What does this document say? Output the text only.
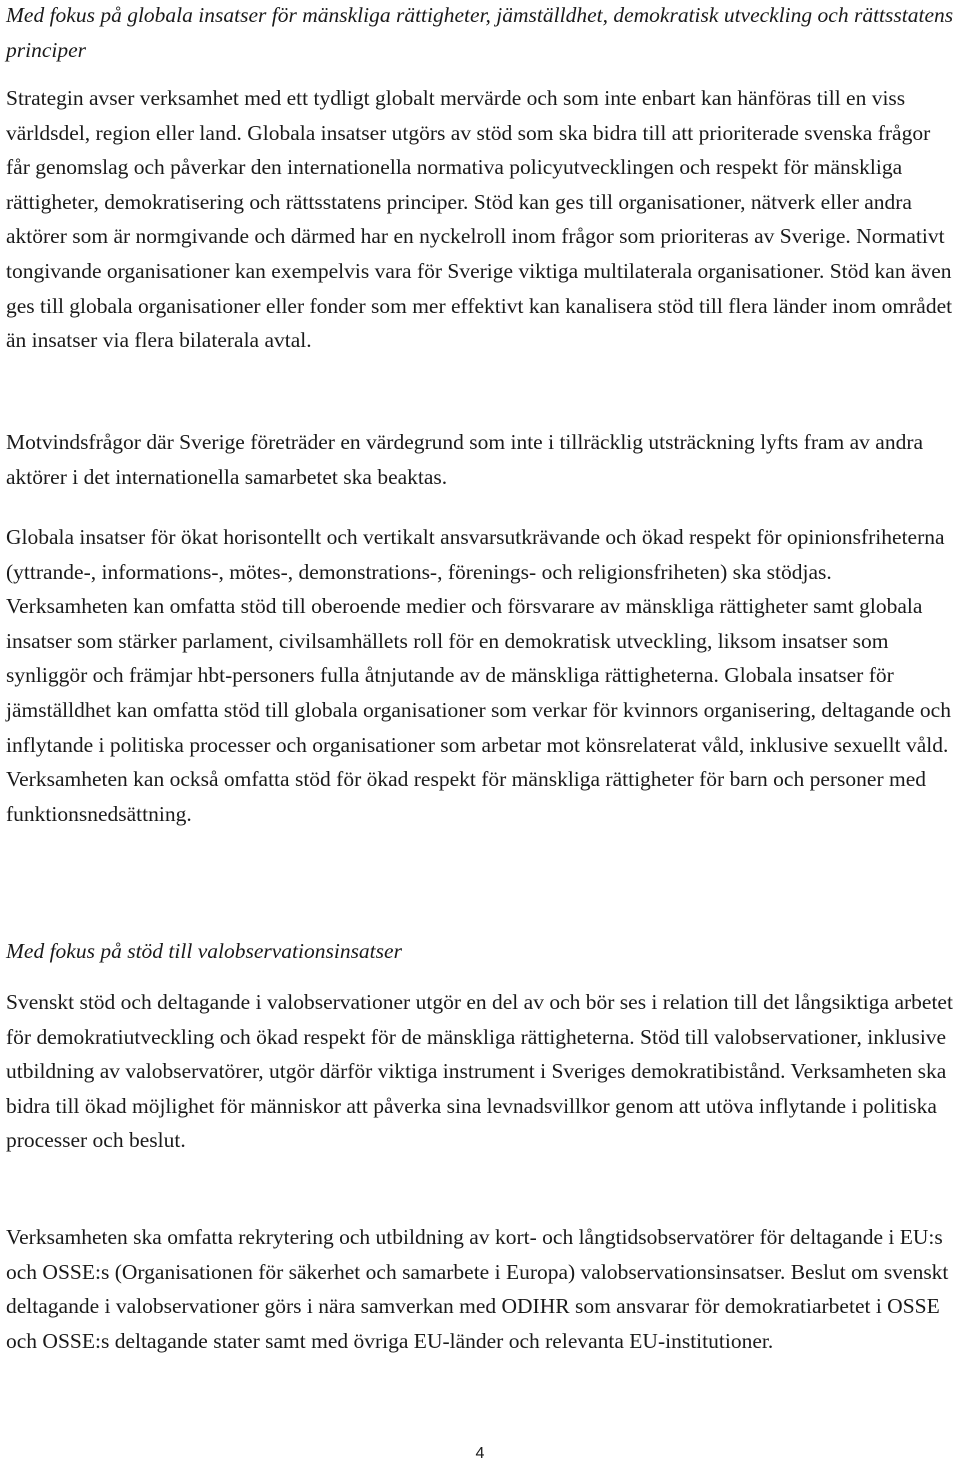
Med fokus på globala insatser för mänskliga rättigheter, jämställdhet, demokratisk utveckling och rättsstatens principer

Strategin avser verksamhet med ett tydligt globalt mervärde och som inte enbart kan hänföras till en viss världsdel, region eller land. Globala insatser utgörs av stöd som ska bidra till att prioriterade svenska frågor får genomslag och påverkar den internationella normativa policyutvecklingen och respekt för mänskliga rättigheter, demokratisering och rättsstatens principer. Stöd kan ges till organisationer, nätverk eller andra aktörer som är normgivande och därmed har en nyckelroll inom frågor som prioriteras av Sverige. Normativt tongivande organisationer kan exempelvis vara för Sverige viktiga multilaterala organisationer. Stöd kan även ges till globala organisationer eller fonder som mer effektivt kan kanalisera stöd till flera länder inom området än insatser via flera bilaterala avtal.

Motvindsfrågor där Sverige företräder en värdegrund som inte i tillräcklig utsträckning lyfts fram av andra aktörer i det internationella samarbetet ska beaktas.

Globala insatser för ökat horisontellt och vertikalt ansvarsutkrävande och ökad respekt för opinionsfriheterna (yttrande-, informations-, mötes-, demonstrations-, förenings- och religionsfriheten) ska stödjas. Verksamheten kan omfatta stöd till oberoende medier och försvarare av mänskliga rättigheter samt globala insatser som stärker parlament, civilsamhällets roll för en demokratisk utveckling, liksom insatser som synliggör och främjar hbt-personers fulla åtnjutande av de mänskliga rättigheterna. Globala insatser för jämställdhet kan omfatta stöd till globala organisationer som verkar för kvinnors organisering, deltagande och inflytande i politiska processer och organisationer som arbetar mot könsrelaterat våld, inklusive sexuellt våld. Verksamheten kan också omfatta stöd för ökad respekt för mänskliga rättigheter för barn och personer med funktionsnedsättning.

Med fokus på stöd till valobservationsinsatser

Svenskt stöd och deltagande i valobservationer utgör en del av och bör ses i relation till det långsiktiga arbetet för demokratiutveckling och ökad respekt för de mänskliga rättigheterna. Stöd till valobservationer, inklusive utbildning av valobservatörer, utgör därför viktiga instrument i Sveriges demokratibistånd. Verksamheten ska bidra till ökad möjlighet för människor att påverka sina levnadsvillkor genom att utöva inflytande i politiska processer och beslut.

Verksamheten ska omfatta rekrytering och utbildning av kort- och långtidsobservatörer för deltagande i EU:s och OSSE:s (Organisationen för säkerhet och samarbete i Europa) valobservationsinsatser. Beslut om svenskt deltagande i valobservationer görs i nära samverkan med ODIHR som ansvarar för demokratiarbetet i OSSE och OSSE:s deltagande stater samt med övriga EU-länder och relevanta EU-institutioner.

4
